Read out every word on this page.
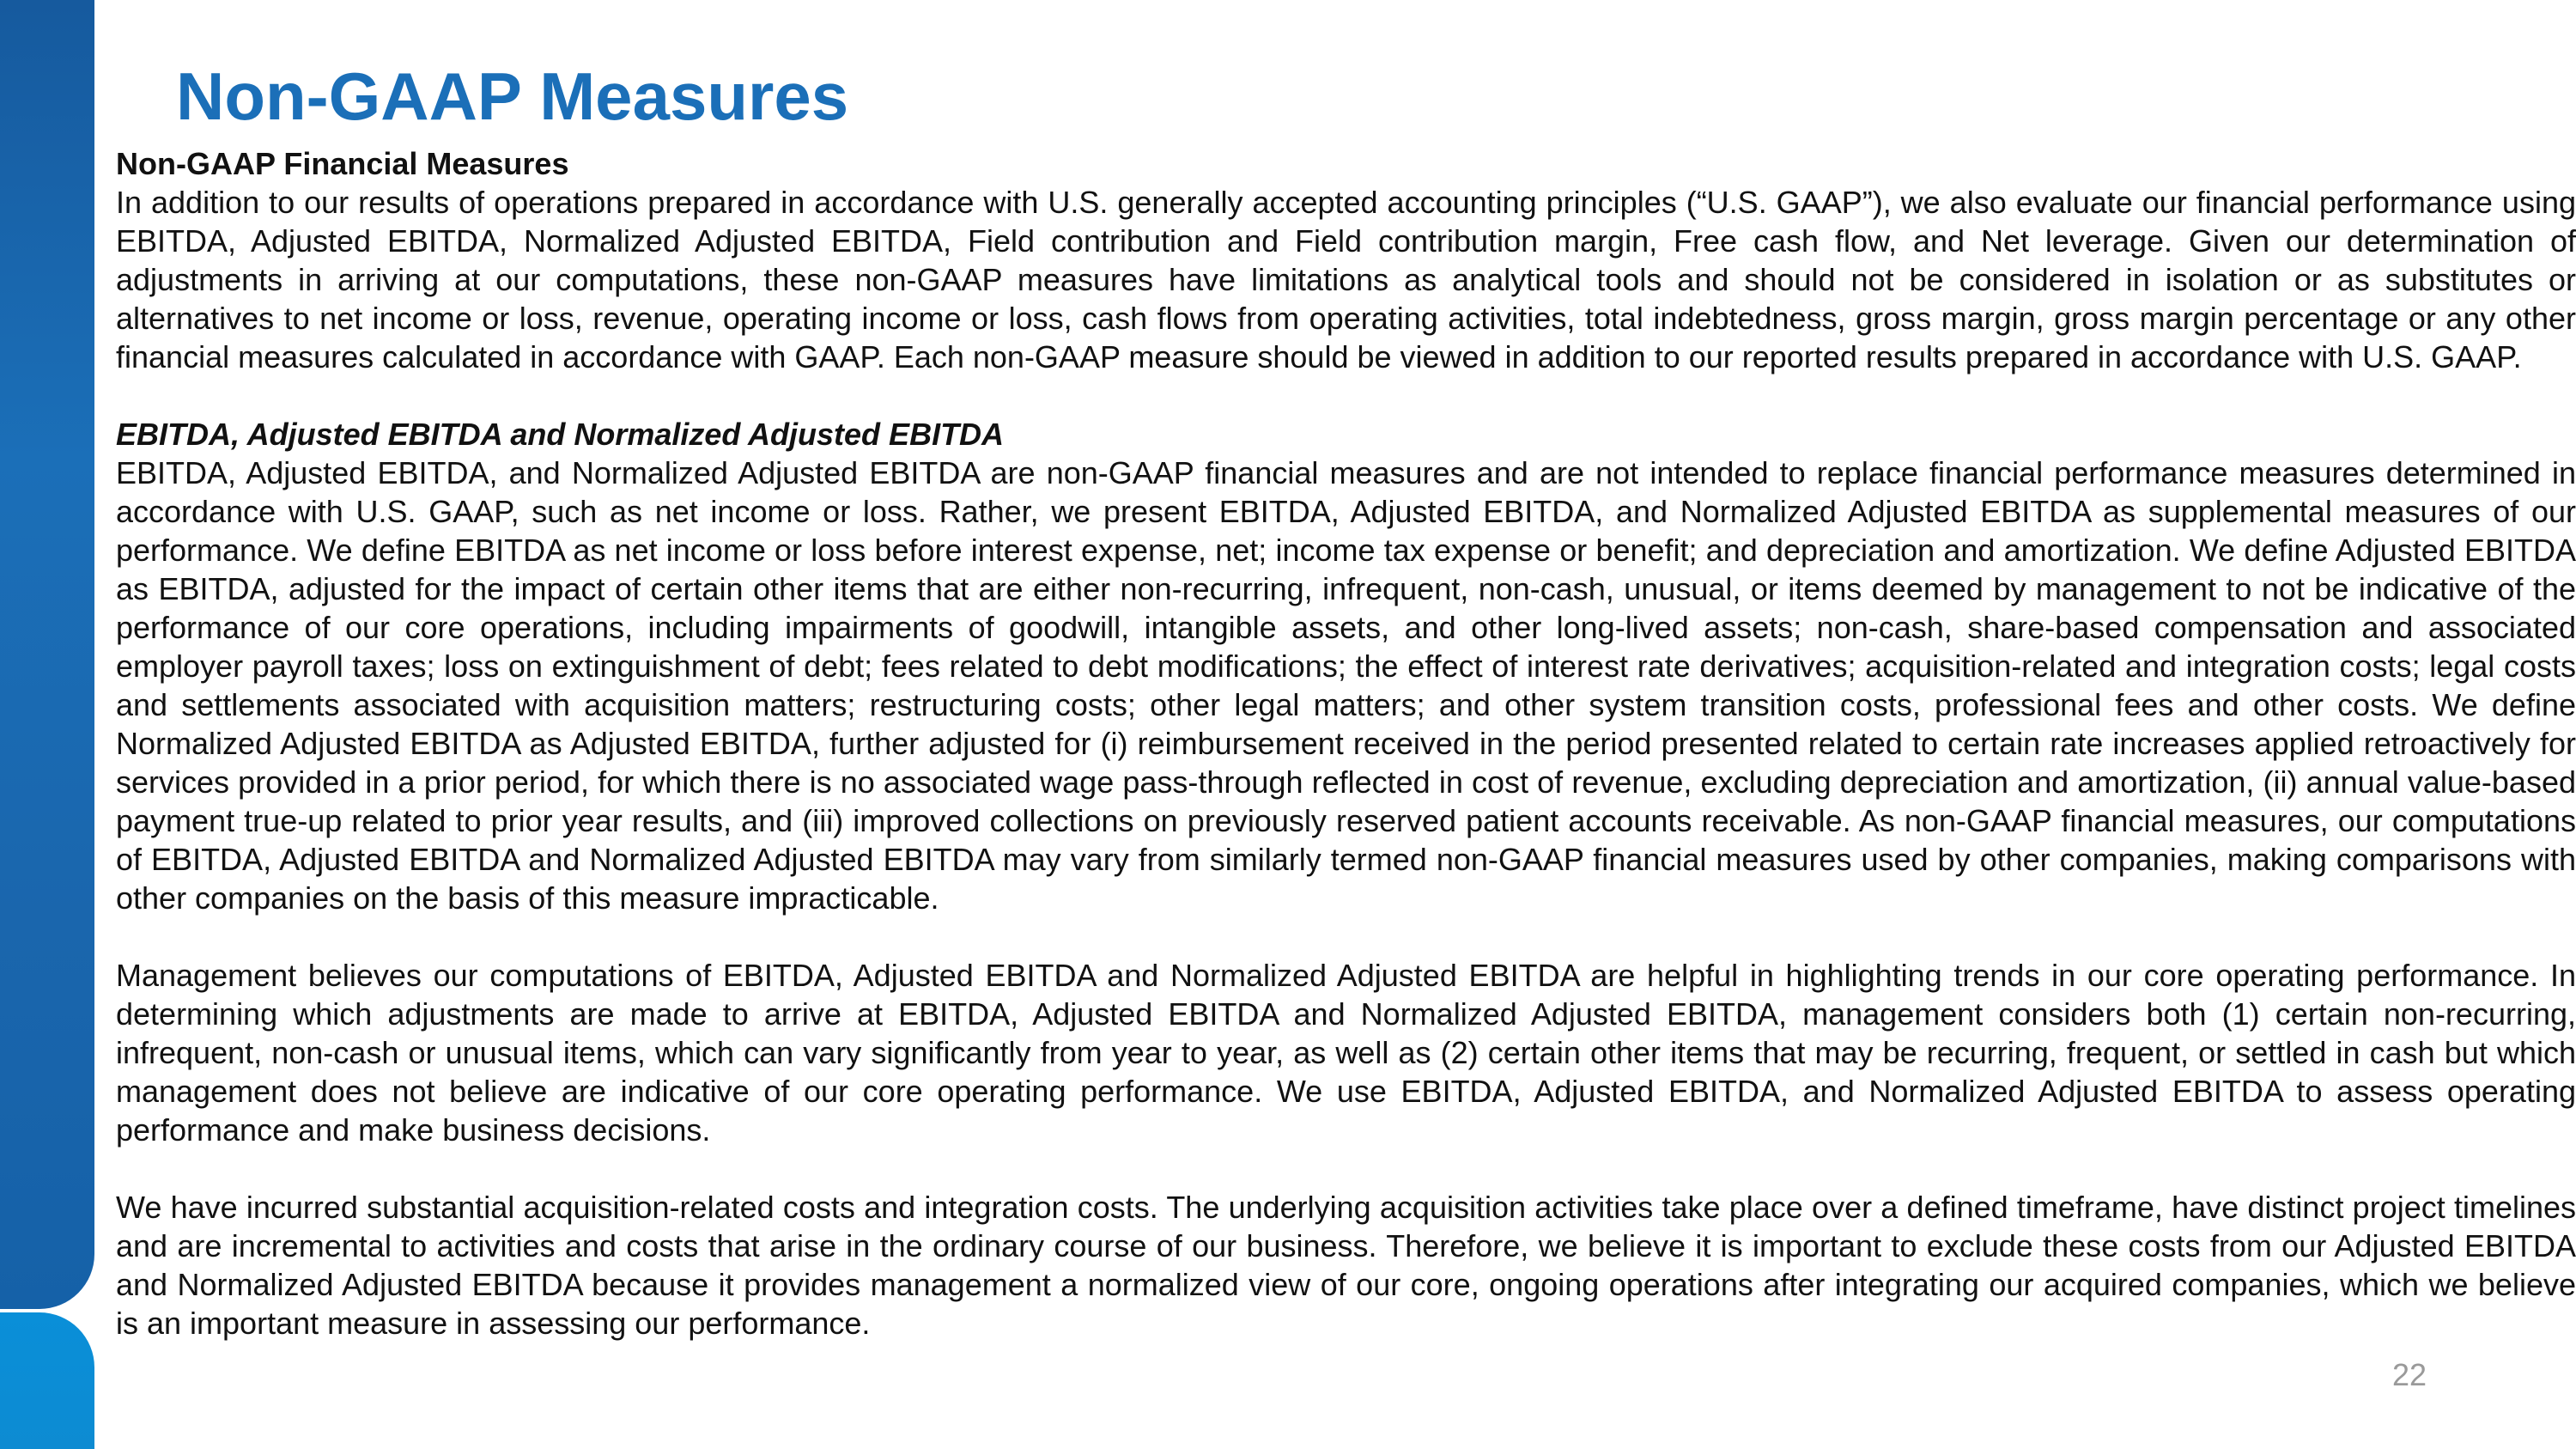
Non-GAAP Measures

Non-GAAP Financial Measures

In addition to our results of operations prepared in accordance with U.S. generally accepted accounting principles (“U.S. GAAP”), we also evaluate our financial performance using EBITDA, Adjusted EBITDA, Normalized Adjusted EBITDA, Field contribution and Field contribution margin, Free cash flow, and Net leverage. Given our determination of adjustments in arriving at our computations, these non-GAAP measures have limitations as analytical tools and should not be considered in isolation or as substitutes or alternatives to net income or loss, revenue, operating income or loss, cash flows from operating activities, total indebtedness, gross margin, gross margin percentage or any other financial measures calculated in accordance with GAAP. Each non-GAAP measure should be viewed in addition to our reported results prepared in accordance with U.S. GAAP.

EBITDA, Adjusted EBITDA and Normalized Adjusted EBITDA

EBITDA, Adjusted EBITDA, and Normalized Adjusted EBITDA are non-GAAP financial measures and are not intended to replace financial performance measures determined in accordance with U.S. GAAP, such as net income or loss. Rather, we present EBITDA, Adjusted EBITDA, and Normalized Adjusted EBITDA as supplemental measures of our performance. We define EBITDA as net income or loss before interest expense, net; income tax expense or benefit; and depreciation and amortization. We define Adjusted EBITDA as EBITDA, adjusted for the impact of certain other items that are either non-recurring, infrequent, non-cash, unusual, or items deemed by management to not be indicative of the performance of our core operations, including impairments of goodwill, intangible assets, and other long-lived assets; non-cash, share-based compensation and associated employer payroll taxes; loss on extinguishment of debt; fees related to debt modifications; the effect of interest rate derivatives; acquisition-related and integration costs; legal costs and settlements associated with acquisition matters; restructuring costs; other legal matters; and other system transition costs, professional fees and other costs. We define Normalized Adjusted EBITDA as Adjusted EBITDA, further adjusted for (i) reimbursement received in the period presented related to certain rate increases applied retroactively for services provided in a prior period, for which there is no associated wage pass-through reflected in cost of revenue, excluding depreciation and amortization, (ii) annual value-based payment true-up related to prior year results, and (iii) improved collections on previously reserved patient accounts receivable. As non-GAAP financial measures, our computations of EBITDA, Adjusted EBITDA and Normalized Adjusted EBITDA may vary from similarly termed non-GAAP financial measures used by other companies, making comparisons with other companies on the basis of this measure impracticable.

Management believes our computations of EBITDA, Adjusted EBITDA and Normalized Adjusted EBITDA are helpful in highlighting trends in our core operating performance. In determining which adjustments are made to arrive at EBITDA, Adjusted EBITDA and Normalized Adjusted EBITDA, management considers both (1) certain non-recurring, infrequent, non-cash or unusual items, which can vary significantly from year to year, as well as (2) certain other items that may be recurring, frequent, or settled in cash but which management does not believe are indicative of our core operating performance. We use EBITDA, Adjusted EBITDA, and Normalized Adjusted EBITDA to assess operating performance and make business decisions.

We have incurred substantial acquisition-related costs and integration costs. The underlying acquisition activities take place over a defined timeframe, have distinct project timelines and are incremental to activities and costs that arise in the ordinary course of our business. Therefore, we believe it is important to exclude these costs from our Adjusted EBITDA and Normalized Adjusted EBITDA because it provides management a normalized view of our core, ongoing operations after integrating our acquired companies, which we believe is an important measure in assessing our performance.

22
